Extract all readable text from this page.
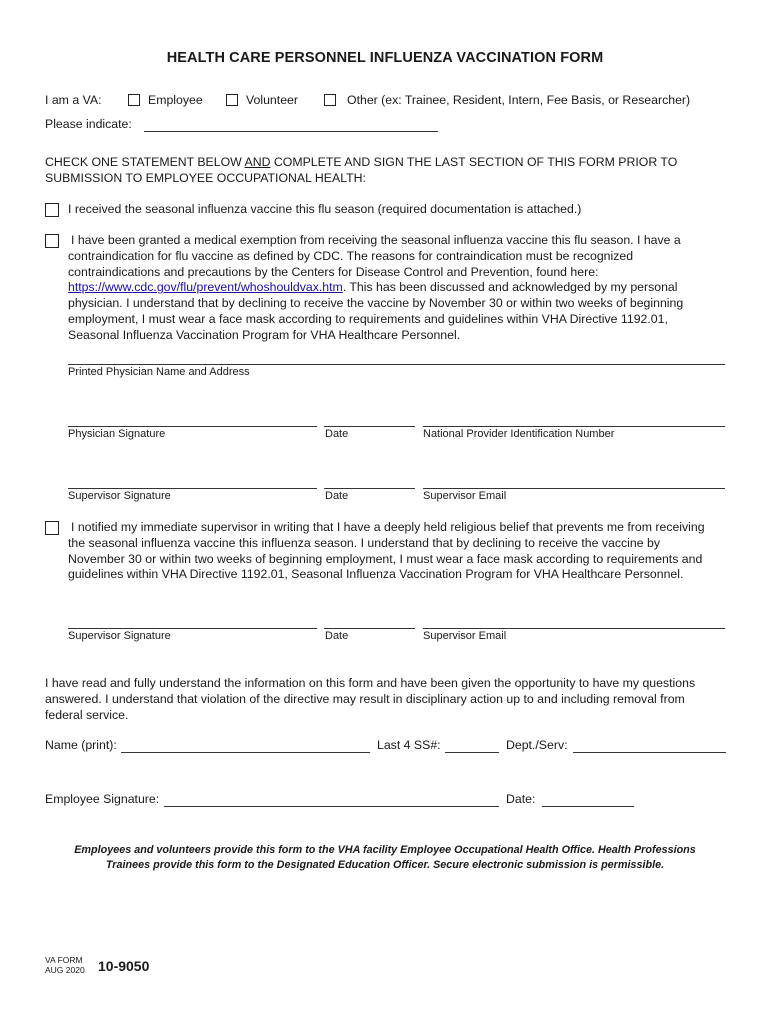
HEALTH CARE PERSONNEL INFLUENZA VACCINATION FORM
I am a VA:	Employee	Volunteer	Other (ex: Trainee, Resident, Intern, Fee Basis, or Researcher)
Please indicate:
CHECK ONE STATEMENT BELOW AND COMPLETE AND SIGN THE LAST SECTION OF THIS FORM PRIOR TO
SUBMISSION TO EMPLOYEE OCCUPATIONAL HEALTH:
I received the seasonal influenza vaccine this flu season (required documentation is attached.)
I have been granted a medical exemption from receiving the seasonal influenza vaccine this flu season. I have a
contraindication for flu vaccine as defined by CDC. The reasons for contraindication must be recognized
contraindications and precautions by the Centers for Disease Control and Prevention, found here:
https://www.cdc.gov/flu/prevent/whoshouldvax.htm. This has been discussed and acknowledged by my personal
physician. I understand that by declining to receive the vaccine by November 30 or within two weeks of beginning
employment, I must wear a face mask according to requirements and guidelines within VHA Directive 1192.01,
Seasonal Influenza Vaccination Program for VHA Healthcare Personnel.
Printed Physician Name and Address
Physician Signature	Date	National Provider Identification Number
Supervisor Signature	Date	Supervisor Email
I notified my immediate supervisor in writing that I have a deeply held religious belief that prevents me from receiving
the seasonal influenza vaccine this influenza season. I understand that by declining to receive the vaccine by
November 30 or within two weeks of beginning employment, I must wear a face mask according to requirements and
guidelines within VHA Directive 1192.01, Seasonal Influenza Vaccination Program for VHA Healthcare Personnel.
Supervisor Signature	Date	Supervisor Email
I have read and fully understand the information on this form and have been given the opportunity to have my questions
answered. I understand that violation of the directive may result in disciplinary action up to and including removal from
federal service.
Name (print):	Last 4 SS#:	Dept./Serv:
Employee Signature:	Date:
Employees and volunteers provide this form to the VHA facility Employee Occupational Health Office. Health Professions
Trainees provide this form to the Designated Education Officer. Secure electronic submission is permissible.
VA FORM
AUG 2020 10-9050
